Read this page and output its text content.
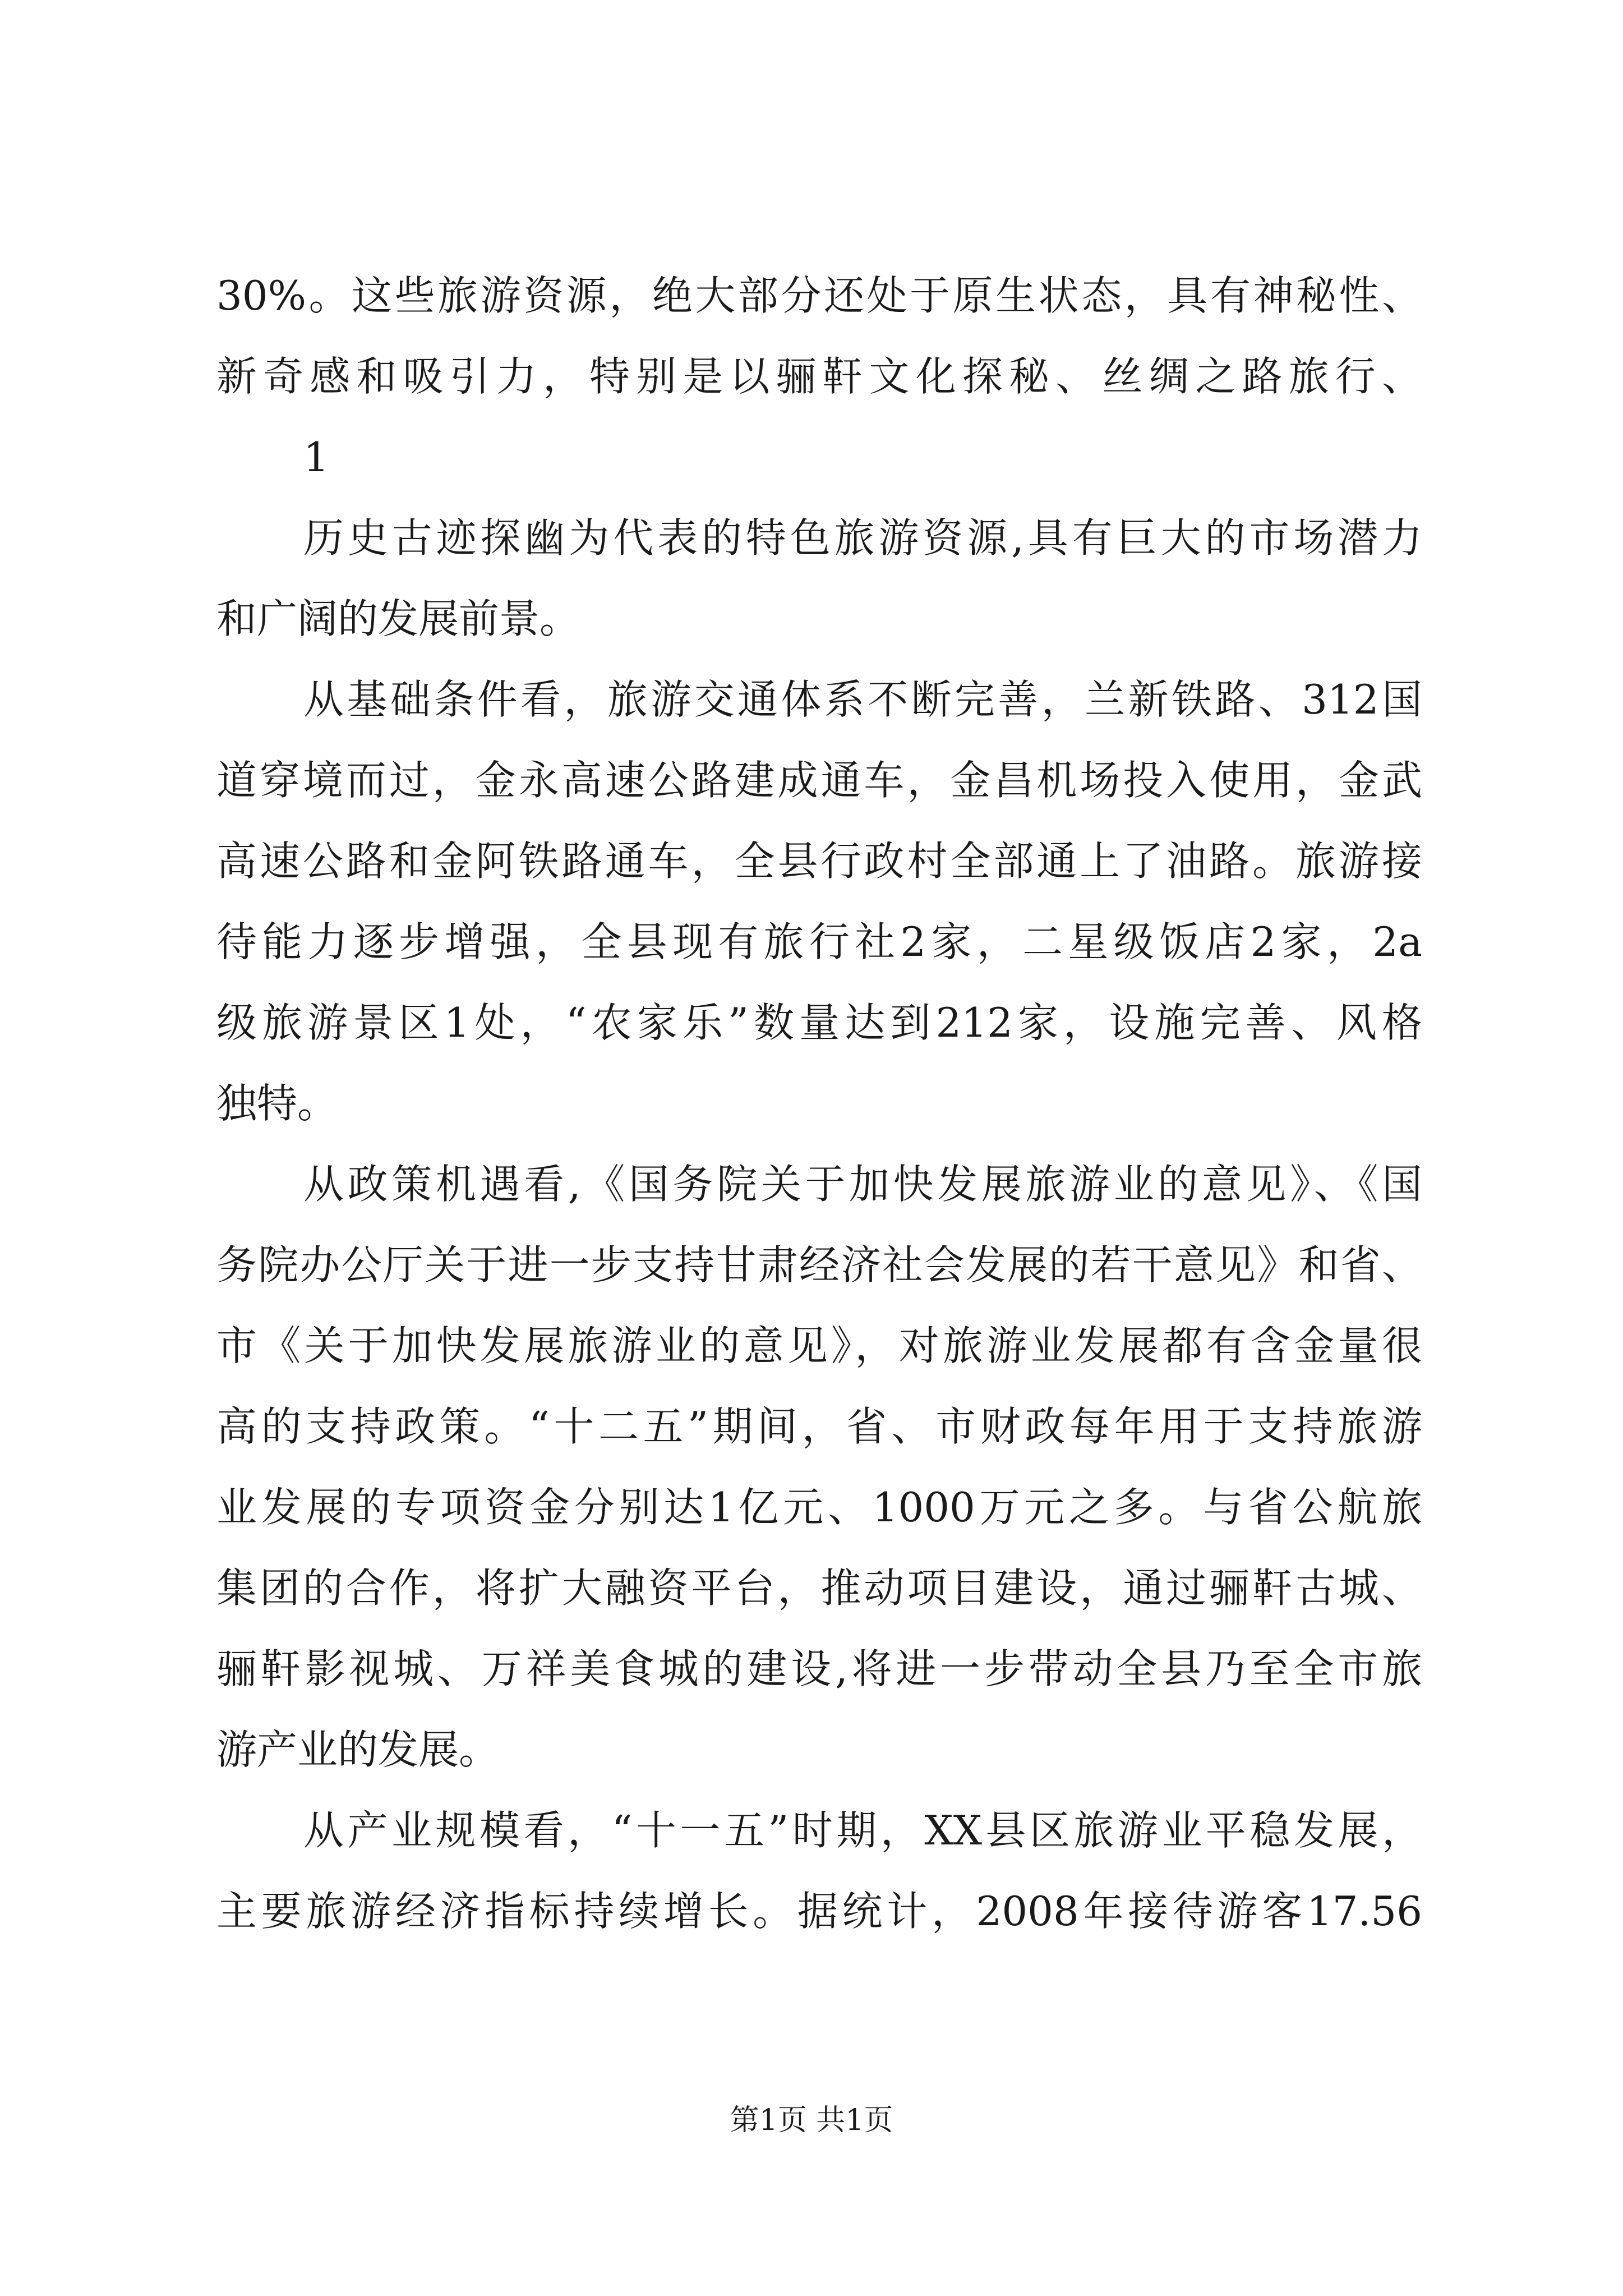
30%。这些旅游资源，绝大部分还处于原生状态，具有神秘性、
新奇感和吸引力，特别是以骊靬文化探秘、丝绸之路旅行、
1
历史古迹探幽为代表的特色旅游资源,具有巨大的市场潜力
和广阔的发展前景。
从基础条件看，旅游交通体系不断完善，兰新铁路、312国
道穿境而过，金永高速公路建成通车，金昌机场投入使用，金武
高速公路和金阿铁路通车，全县行政村全部通上了油路。旅游接
待能力逐步增强，全县现有旅行社2家，二星级饭店2家，2a
级旅游景区1处，“农家乐”数量达到212家，设施完善、风格
独特。
从政策机遇看,《国务院关于加快发展旅游业的意见》、《国
务院办公厅关于进一步支持甘肃经济社会发展的若干意见》和省、
市《关于加快发展旅游业的意见》，对旅游业发展都有含金量很
高的支持政策。“十二五”期间，省、市财政每年用于支持旅游
业发展的专项资金分别达1亿元、1000万元之多。与省公航旅
集团的合作，将扩大融资平台，推动项目建设，通过骊靬古城、
骊靬影视城、万祥美食城的建设,将进一步带动全县乃至全市旅
游产业的发展。
从产业规模看，“十一五”时期，XX县区旅游业平稳发展，
主要旅游经济指标持续增长。据统计，2008年接待游客17.56
第1页 共1页
